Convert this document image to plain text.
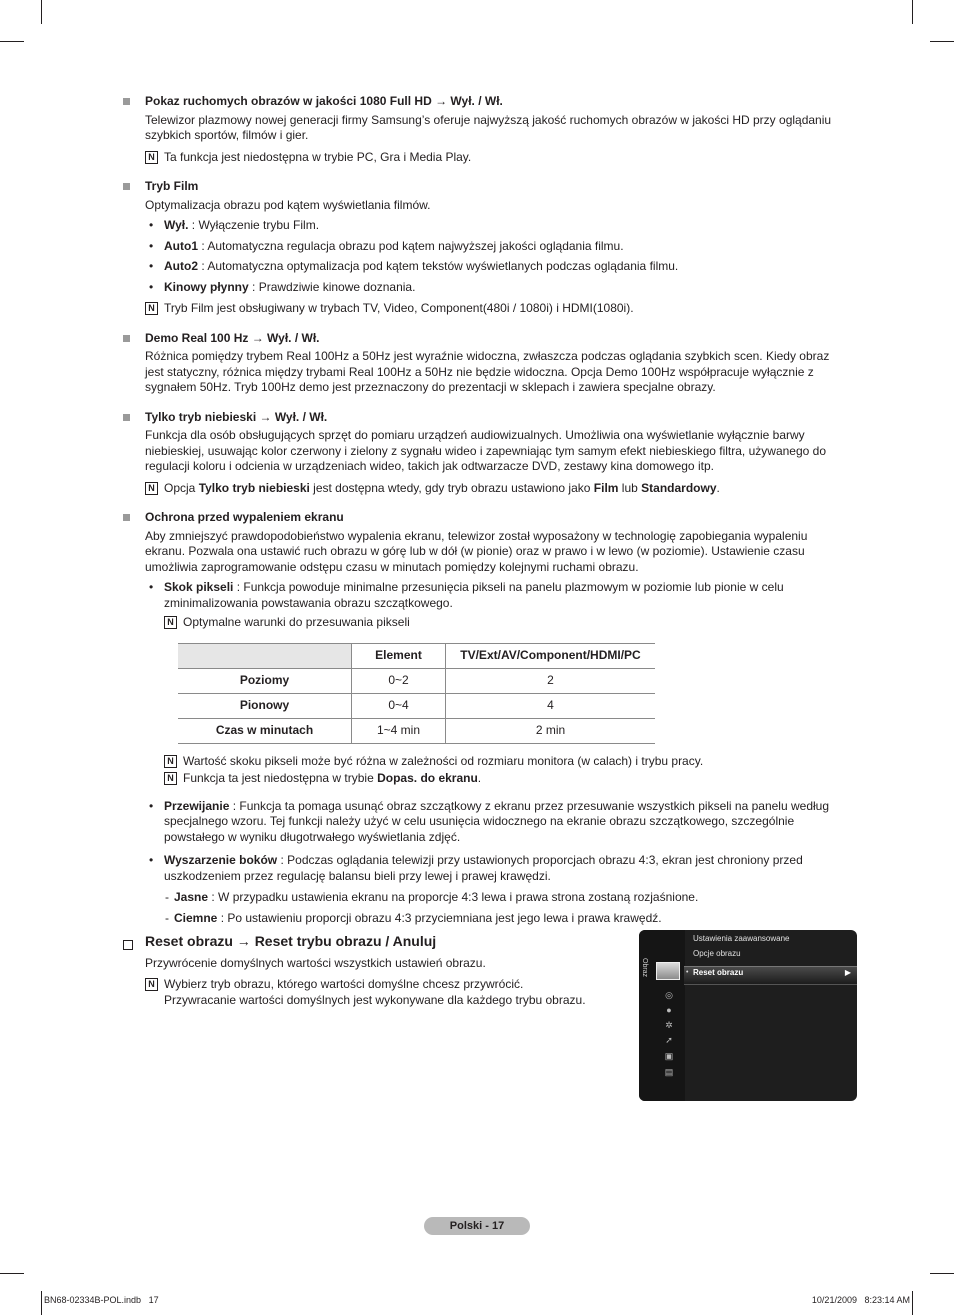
Pokaz ruchomych obrazów w jakości 1080 Full HD → Wył. / Wł.

Telewizor plazmowy nowej generacji firmy Samsung’s oferuje najwyższą jakość ruchomych obrazów w jakości HD przy oglądaniu szybkich sportów, filmów i gier.

N Ta funkcja jest niedostępna w trybie PC, Gra i Media Play.
Tryb Film

Optymalizacja obrazu pod kątem wyświetlania filmów.

• Wył. : Wyłączenie trybu Film.
• Auto1 : Automatyczna regulacja obrazu pod kątem najwyższej jakości oglądania filmu.
• Auto2 : Automatyczna optymalizacja pod kątem tekstów wyświetlanych podczas oglądania filmu.
• Kinowy płynny : Prawdziwie kinowe doznania.
N Tryb Film jest obsługiwany w trybach TV, Video, Component(480i / 1080i) i HDMI(1080i).
Demo Real 100 Hz → Wył. / Wł.

Różnica pomiędzy trybem Real 100Hz a 50Hz jest wyraźnie widoczna, zwłaszcza podczas oglądania szybkich scen. Kiedy obraz jest statyczny, różnica między trybami Real 100Hz a 50Hz nie będzie widoczna. Opcja Demo 100Hz współpracuje wyłącznie z sygnałem 50Hz. Tryb 100Hz demo jest przeznaczony do prezentacji w sklepach i zawiera specjalne obrazy.

Tylko tryb niebieski → Wył. / Wł.

Funkcja dla osób obsługujących sprzęt do pomiaru urządzeń audiowizualnych. Umożliwia ona wyświetlanie wyłącznie barwy niebieskiej, usuwając kolor czerwony i zielony z sygnału wideo i zapewniając tym samym efekt niebieskiego filtra, używanego do regulacji koloru i odcienia w urządzeniach wideo, takich jak odtwarzacze DVD, zestawy kina domowego itp.

N Opcja Tylko tryb niebieski jest dostępna wtedy, gdy tryb obrazu ustawiono jako Film lub Standardowy.
Ochrona przed wypaleniem ekranu

Aby zmniejszyć prawdopodobieństwo wypalenia ekranu, telewizor został wyposażony w technologię zapobiegania wypaleniu ekranu. Pozwala ona ustawić ruch obrazu w górę lub w dół (w pionie) oraz w prawo i w lewo (w poziomie). Ustawienie czasu umożliwia zaprogramowanie odstępu czasu w minutach pomiędzy kolejnymi ruchami obrazu.

• Skok pikseli : Funkcja powoduje minimalne przesunięcia pikseli na panelu plazmowym w poziomie lub pionie w celu zminimalizowania powstawania obrazu szczątkowego.
N Optymalne warunki do przesuwania pikseli
	Element	TV/Ext/AV/Component/HDMI/PC
Poziomy	0~2	2
Pionowy	0~4	4
Czas w minutach	1~4 min	2 min
N Wartość skoku pikseli może być różna w zależności od rozmiaru monitora (w calach) i trybu pracy.
N Funkcja ta jest niedostępna w trybie Dopas. do ekranu.
• Przewijanie : Funkcja ta pomaga usunąć obraz szczątkowy z ekranu przez przesuwanie wszystkich pikseli na panelu według specjalnego wzoru. Tej funkcji należy użyć w celu usunięcia widocznego na ekranie obrazu szczątkowego, szczególnie powstałego w wyniku długotrwałego wyświetlania zdjęć.
• Wyszarzenie boków : Podczas oglądania telewizji przy ustawionych proporcjach obrazu 4:3, ekran jest chroniony przed uszkodzeniem przez regulację balansu bieli przy lewej i prawej krawędzi.
- Jasne : W przypadku ustawienia ekranu na proporcje 4:3 lewa i prawa strona zostaną rozjaśnione.
- Ciemne : Po ustawieniu proporcji obrazu 4:3 przyciemniana jest jego lewa i prawa krawędź.
Reset obrazu → Reset trybu obrazu / Anuluj

Przywrócenie domyślnych wartości wszystkich ustawień obrazu.

N Wybierz tryb obrazu, którego wartości domyślne chcesz przywrócić.
Przywracanie wartości domyślnych jest wykonywane dla każdego trybu obrazu.
Obraz
◎
●
✲
➚
▣
▤
Ustawienia zaawansowane
Opcje obrazu
• Reset obrazu	▶
Polski - 17
BN68-02334B-POL.indb   17	10/21/2009   8:23:14 AM
